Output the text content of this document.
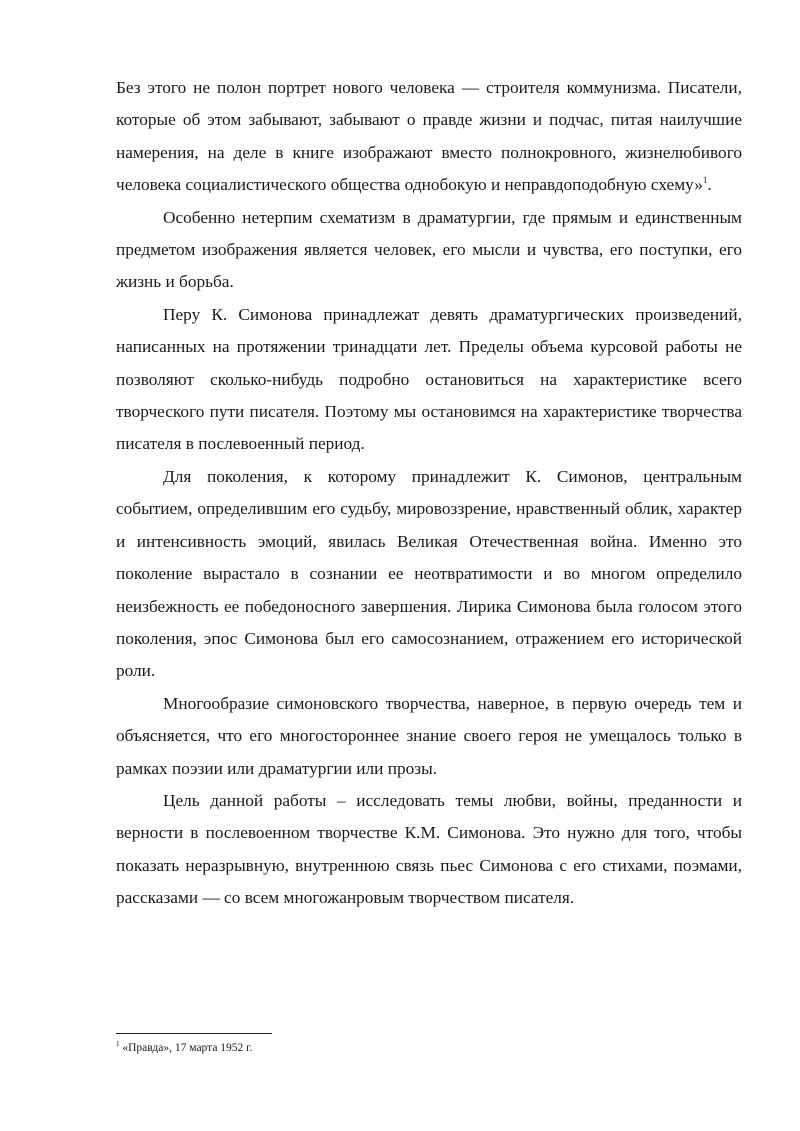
Без этого не полон портрет нового человека — строителя коммунизма. Писатели, которые об этом забывают, забывают о правде жизни и подчас, питая наилучшие намерения, на деле в книге изображают вместо полнокровного, жизнелюбивого человека социалистического общества однобокую и неправдоподобную схему»$^1$.

Особенно нетерпим схематизм в драматургии, где прямым и единственным предметом изображения является человек, его мысли и чувства, его поступки, его жизнь и борьба.

Перу К. Симонова принадлежат девять драматургических произведений, написанных на протяжении тринадцати лет. Пределы объема курсовой работы не позволяют сколько-нибудь подробно остановиться на характеристике всего творческого пути писателя. Поэтому мы остановимся на характеристике творчества писателя в послевоенный период.

Для поколения, к которому принадлежит К. Симонов, центральным событием, определившим его судьбу, мировоззрение, нравственный облик, характер и интенсивность эмоций, явилась Великая Отечественная война. Именно это поколение вырастало в сознании ее неотвратимости и во многом определило неизбежность ее победоносного завершения. Лирика Симонова была голосом этого поколения, эпос Симонова был его самосознанием, отражением его исторической роли.

Многообразие симоновского творчества, наверное, в первую очередь тем и объясняется, что его многостороннее знание своего героя не умещалось только в рамках поэзии или драматургии или прозы.

Цель данной работы – исследовать темы любви, войны, преданности и верности в послевоенном творчестве К.М. Симонова. Это нужно для того, чтобы показать неразрывную, внутреннюю связь пьес Симонова с его стихами, поэмами, рассказами — со всем многожанровым творчеством писателя.

$^1$ «Правда», 17 марта 1952 г.
